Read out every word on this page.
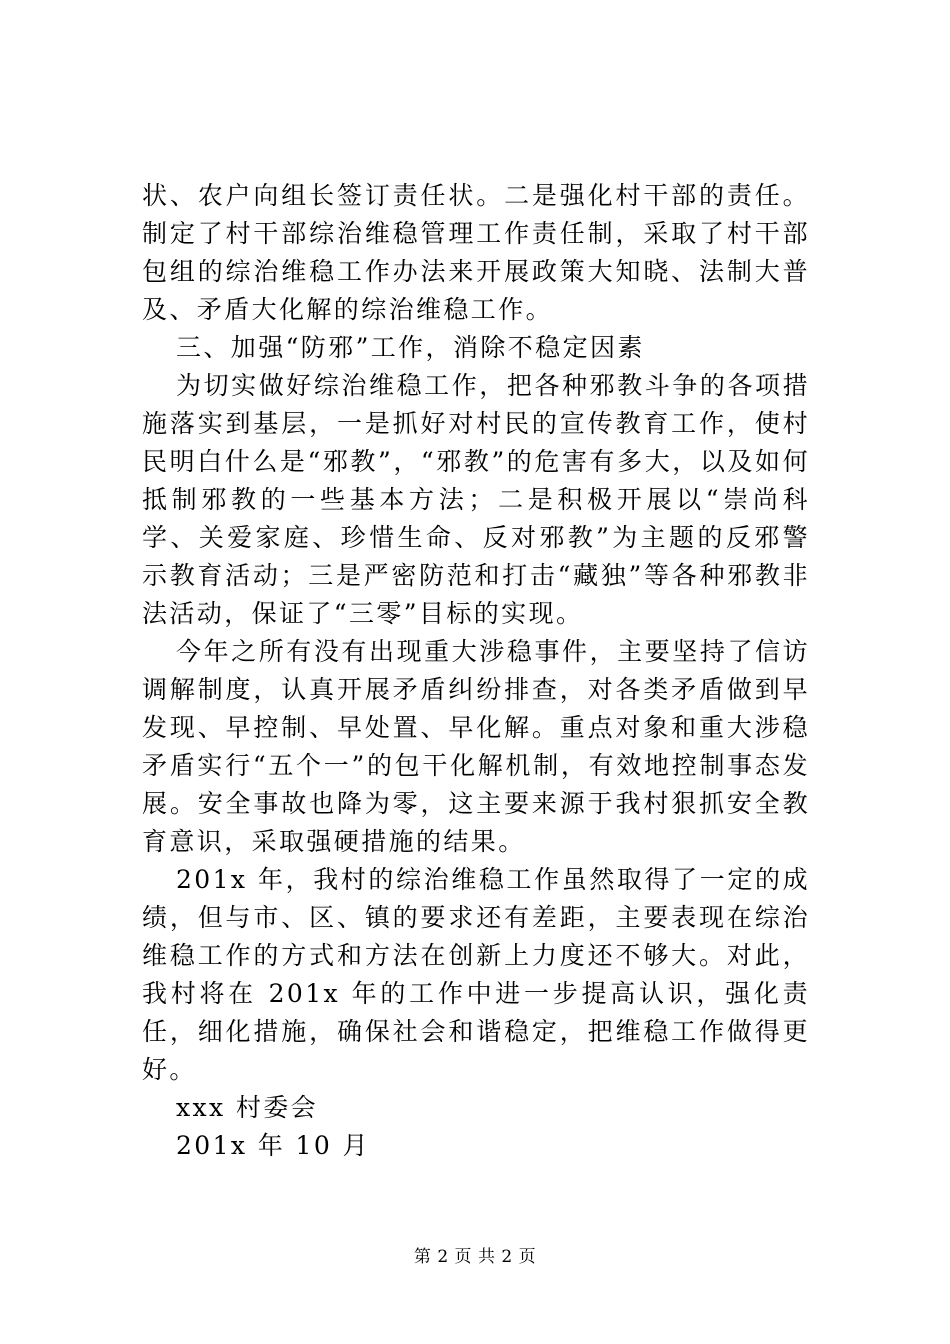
状、农户向组长签订责任状。二是强化村干部的责任。制定了村干部综治维稳管理工作责任制，采取了村干部包组的综治维稳工作办法来开展政策大知晓、法制大普及、矛盾大化解的综治维稳工作。

三、加强“防邪”工作，消除不稳定因素

为切实做好综治维稳工作，把各种邪教斗争的各项措施落实到基层，一是抓好对村民的宣传教育工作，使村民明白什么是“邪教”，“邪教”的危害有多大，以及如何抵制邪教的一些基本方法；二是积极开展以“崇尚科学、关爱家庭、珍惜生命、反对邪教”为主题的反邪警示教育活动；三是严密防范和打击“藏独”等各种邪教非法活动，保证了“三零”目标的实现。

今年之所有没有出现重大涉稳事件，主要坚持了信访调解制度，认真开展矛盾纠纷排查，对各类矛盾做到早发现、早控制、早处置、早化解。重点对象和重大涉稳矛盾实行“五个一”的包干化解机制，有效地控制事态发展。安全事故也降为零，这主要来源于我村狠抓安全教育意识，采取强硬措施的结果。

201x 年，我村的综治维稳工作虽然取得了一定的成绩，但与市、区、镇的要求还有差距，主要表现在综治维稳工作的方式和方法在创新上力度还不够大。对此，我村将在 201x 年的工作中进一步提高认识，强化责任，细化措施，确保社会和谐稳定，把维稳工作做得更好。

xxx 村委会

201x 年 10 月

第 2 页 共 2 页
